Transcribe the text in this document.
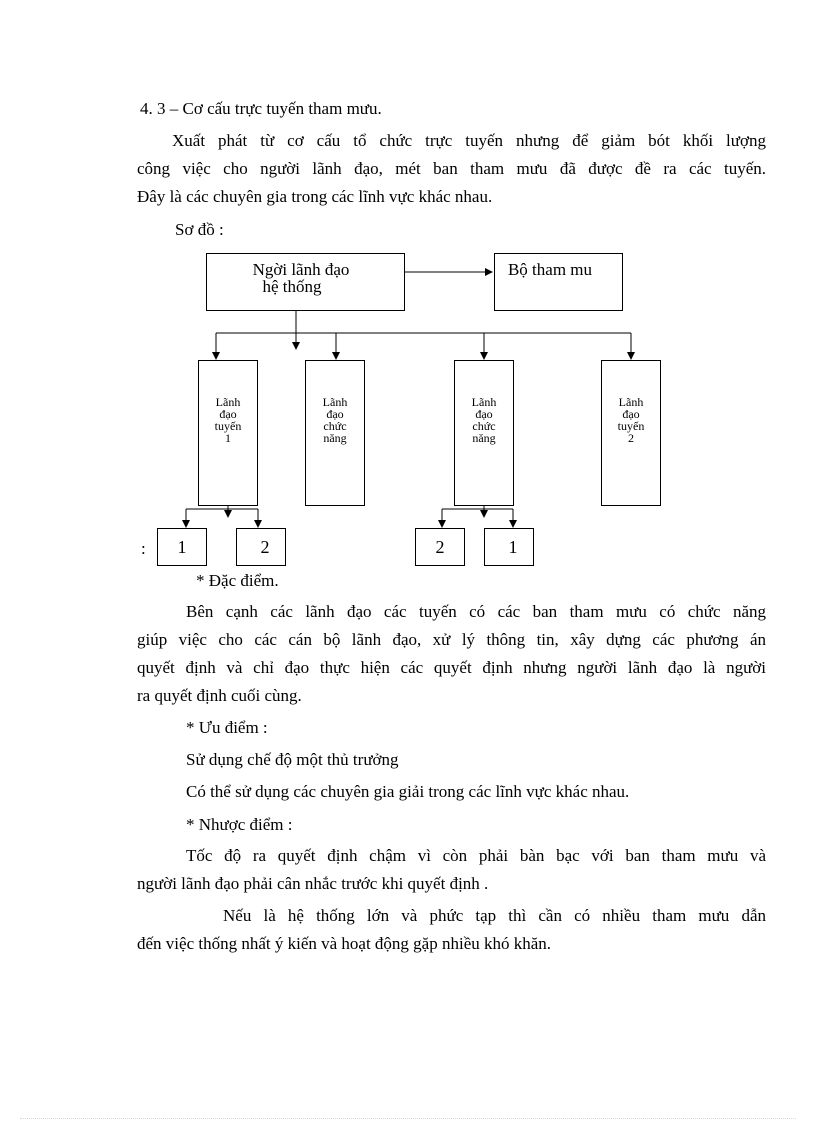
4. 3 – Cơ cấu trực tuyến tham mưu.
Xuất phát từ cơ cấu tổ chức trực tuyến nhưng để giảm bót khối lượng
công việc cho người lãnh đạo, mét ban tham mưu đã được đề ra các tuyến.
Đây là các chuyên gia trong các lĩnh vực khác nhau.
Sơ đồ :
Ngời lãnh đạo
hệ thống
Bộ tham mu
Lãnh
đạo
tuyến
1
Lãnh
đạo
chức
năng
Lãnh
đạo
chức
năng
Lãnh
đạo
tuyến
2
:	1	2	2	1
* Đặc điểm.
Bên cạnh các lãnh đạo các tuyến có các ban tham mưu có chức năng
giúp việc cho các cán bộ lãnh đạo, xử lý thông tin, xây dựng các phương án
quyết định và chỉ đạo thực hiện các quyết định nhưng người lãnh đạo là người
ra quyết định cuối cùng.
* Ưu điểm :
Sử dụng chế độ một thủ trưởng
Có thể sử dụng các chuyên gia giải trong các lĩnh vực khác nhau.
* Nhược điểm :
Tốc độ ra quyết định chậm vì còn phải bàn bạc với ban tham mưu và
người lãnh đạo phải cân nhắc trước khi quyết định .
Nếu là hệ thống lớn và phức tạp thì cần có nhiều tham mưu dẫn
đến việc thống nhất ý kiến và hoạt động gặp nhiều khó khăn.
